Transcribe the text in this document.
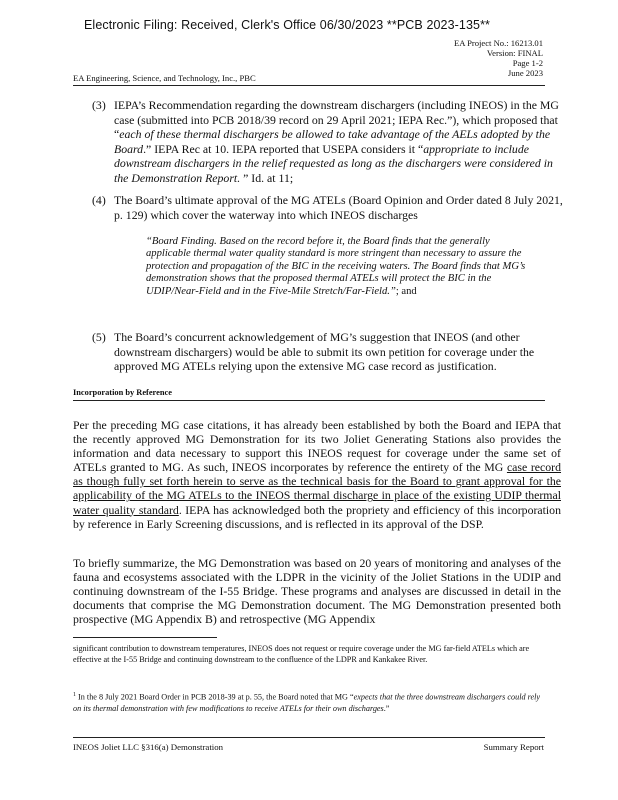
Electronic Filing: Received, Clerk's Office 06/30/2023 **PCB 2023-135**
EA Project No.: 16213.01
Version: FINAL
Page 1-2
June 2023
EA Engineering, Science, and Technology, Inc., PBC
(3) IEPA’s Recommendation regarding the downstream dischargers (including INEOS) in the MG case (submitted into PCB 2018/39 record on 29 April 2021; IEPA Rec.”), which proposed that “each of these thermal dischargers be allowed to take advantage of the AELs adopted by the Board.” IEPA Rec at 10. IEPA reported that USEPA considers it “appropriate to include downstream dischargers in the relief requested as long as the dischargers were considered in the Demonstration Report. ” Id. at 11;
(4) The Board’s ultimate approval of the MG ATELs (Board Opinion and Order dated 8 July 2021, p. 129) which cover the waterway into which INEOS discharges
“Board Finding. Based on the record before it, the Board finds that the generally applicable thermal water quality standard is more stringent than necessary to assure the protection and propagation of the BIC in the receiving waters. The Board finds that MG’s demonstration shows that the proposed thermal ATELs will protect the BIC in the UDIP/Near-Field and in the Five-Mile Stretch/Far-Field.”; and
(5) The Board’s concurrent acknowledgement of MG’s suggestion that INEOS (and other downstream dischargers) would be able to submit its own petition for coverage under the approved MG ATELs relying upon the extensive MG case record as justification.
Incorporation by Reference
Per the preceding MG case citations, it has already been established by both the Board and IEPA that the recently approved MG Demonstration for its two Joliet Generating Stations also provides the information and data necessary to support this INEOS request for coverage under the same set of ATELs granted to MG. As such, INEOS incorporates by reference the entirety of the MG case record as though fully set forth herein to serve as the technical basis for the Board to grant approval for the applicability of the MG ATELs to the INEOS thermal discharge in place of the existing UDIP thermal water quality standard. IEPA has acknowledged both the propriety and efficiency of this incorporation by reference in Early Screening discussions, and is reflected in its approval of the DSP.
To briefly summarize, the MG Demonstration was based on 20 years of monitoring and analyses of the fauna and ecosystems associated with the LDPR in the vicinity of the Joliet Stations in the UDIP and continuing downstream of the I-55 Bridge. These programs and analyses are discussed in detail in the documents that comprise the MG Demonstration document. The MG Demonstration presented both prospective (MG Appendix B) and retrospective (MG Appendix
significant contribution to downstream temperatures, INEOS does not request or require coverage under the MG far-field ATELs which are effective at the I-55 Bridge and continuing downstream to the confluence of the LDPR and Kankakee River.
$^1$ In the 8 July 2021 Board Order in PCB 2018-39 at p. 55, the Board noted that MG “expects that the three downstream dischargers could rely on its thermal demonstration with few modifications to receive ATELs for their own discharges.”
INEOS Joliet LLC §316(a) Demonstration	Summary Report
